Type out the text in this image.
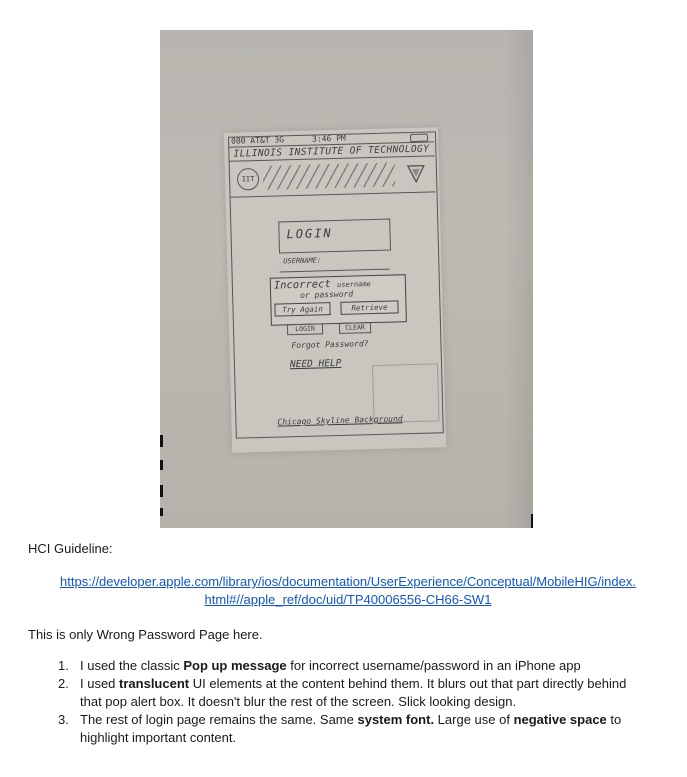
000 AT&T 3G	3:46 PM
ILLINOIS INSTITUTE OF TECHNOLOGY
IIT
LOGIN
USERNAME:
Incorrect username
or password
Try Again	Retrieve
LOGIN	CLEAR
Forgot Password?
NEED HELP
Chicago Skyline Background
HCI Guideline:
https://developer.apple.com/library/ios/documentation/UserExperience/Conceptual/MobileHIG/index.
html#//apple_ref/doc/uid/TP40006556-CH66-SW1
This is only Wrong Password Page here.
1. I used the classic Pop up message for incorrect username/password in an iPhone app
2. I used translucent UI elements at the content behind them. It blurs out that part directly behind
that pop alert box. It doesn't blur the rest of the screen. Slick looking design.
3. The rest of login page remains the same. Same system font. Large use of negative space to
highlight important content.
